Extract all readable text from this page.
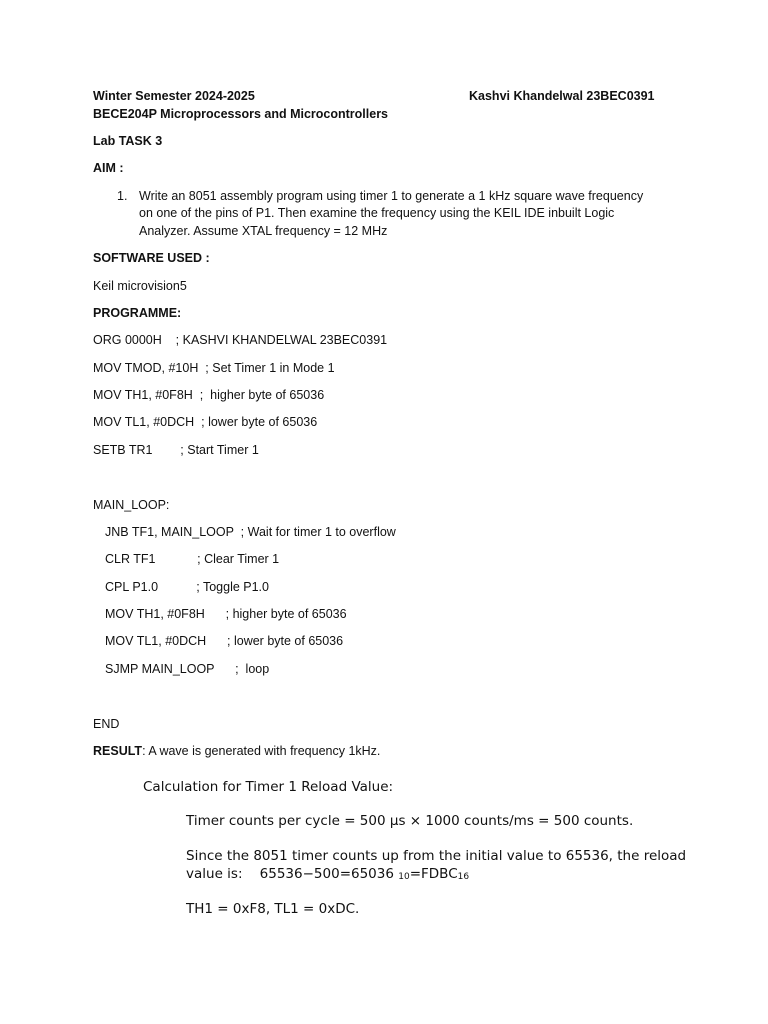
Winter Semester 2024-2025	Kashvi Khandelwal 23BEC0391
BECE204P Microprocessors and Microcontrollers
Lab TASK 3
AIM :
1. Write an 8051 assembly program using timer 1 to generate a 1 kHz square wave frequency
on one of the pins of P1. Then examine the frequency using the KEIL IDE inbuilt Logic
Analyzer. Assume XTAL frequency = 12 MHz
SOFTWARE USED :
Keil microvision5
PROGRAMME:
ORG 0000H    ; KASHVI KHANDELWAL 23BEC0391
MOV TMOD, #10H  ; Set Timer 1 in Mode 1
MOV TH1, #0F8H  ;  higher byte of 65036
MOV TL1, #0DCH  ; lower byte of 65036
SETB TR1        ; Start Timer 1
MAIN_LOOP:
JNB TF1, MAIN_LOOP  ; Wait for timer 1 to overflow
CLR TF1            ; Clear Timer 1
CPL P1.0           ; Toggle P1.0
MOV TH1, #0F8H      ; higher byte of 65036
MOV TL1, #0DCH      ; lower byte of 65036
SJMP MAIN_LOOP      ;  loop
END
RESULT: A wave is generated with frequency 1kHz.
Calculation for Timer 1 Reload Value:
Timer counts per cycle = 500 μs × 1000 counts/ms = 500 counts.
Since the 8051 timer counts up from the initial value to 65536, the reload
value is:    65536−500=65036 10=FDBC16
TH1 = 0xF8, TL1 = 0xDC.
